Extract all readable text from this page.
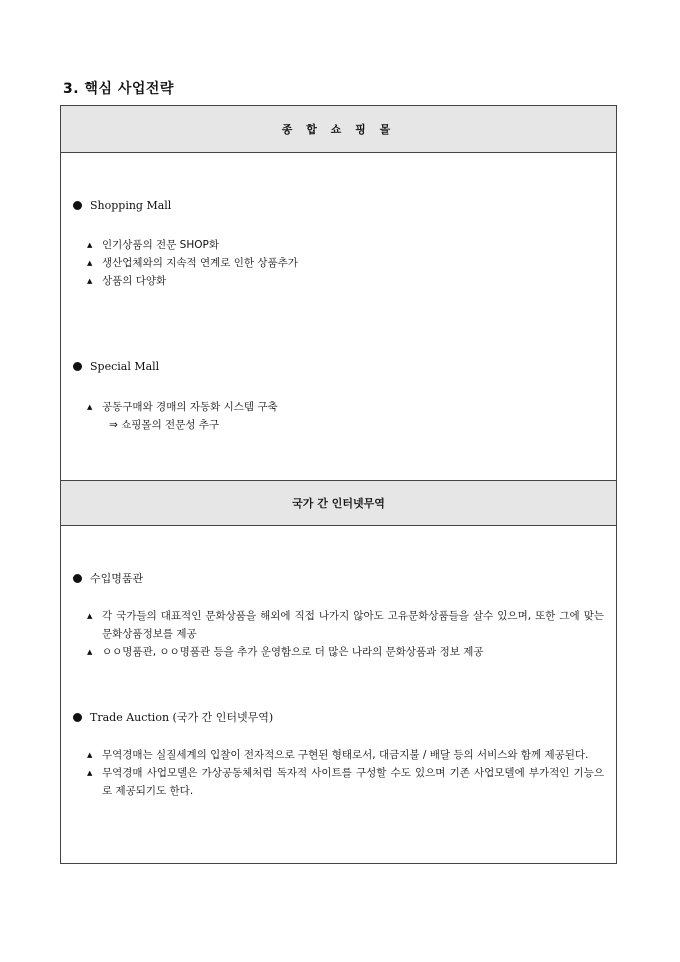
3. 핵심 사업전략
종 합 쇼 핑 몰
Shopping Mall
▲ 인기상품의 전문 SHOP화
▲ 생산업체와의 지속적 연계로 인한 상품추가
▲ 상품의 다양화
Special Mall
▲ 공동구매와 경매의 자동화 시스템 구축
⇒ 쇼핑몰의 전문성 추구
국가 간 인터넷무역
수입명품관
▲ 각 국가들의 대표적인 문화상품을 해외에 직접 나가지 않아도 고유문화상품들을 살수 있으며, 또한 그에 맞는 문화상품정보를 제공
▲ ㅇㅇ명품관, ㅇㅇ명품관 등을 추가 운영함으로 더 많은 나라의 문화상품과 정보 제공
Trade Auction (국가 간 인터넷무역)
▲ 무역경매는 실질세계의 입찰이 전자적으로 구현된 형태로서, 대금지불 / 배달 등의 서비스와 함께 제공된다.
▲ 무역경매 사업모델은 가상공동체처럼 독자적 사이트를 구성할 수도 있으며 기존 사업모델에 부가적인 기능으로 제공되기도 한다.
